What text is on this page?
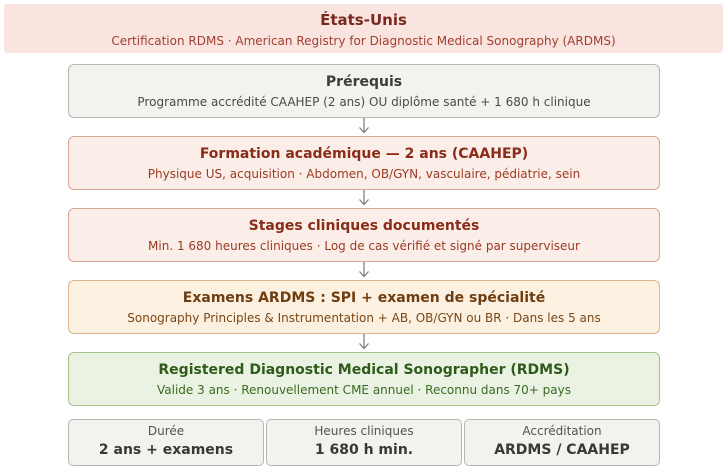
États-Unis
Certification RDMS · American Registry for Diagnostic Medical Sonography (ARDMS)
Prérequis
Programme accrédité CAAHEP (2 ans) OU diplôme santé + 1 680 h clinique
Formation académique — 2 ans (CAAHEP)
Physique US, acquisition · Abdomen, OB/GYN, vasculaire, pédiatrie, sein
Stages cliniques documentés
Min. 1 680 heures cliniques · Log de cas vérifié et signé par superviseur
Examens ARDMS : SPI + examen de spécialité
Sonography Principles & Instrumentation + AB, OB/GYN ou BR · Dans les 5 ans
Registered Diagnostic Medical Sonographer (RDMS)
Valide 3 ans · Renouvellement CME annuel · Reconnu dans 70+ pays
Durée
2 ans + examens
Heures cliniques
1 680 h min.
Accréditation
ARDMS / CAAHEP
